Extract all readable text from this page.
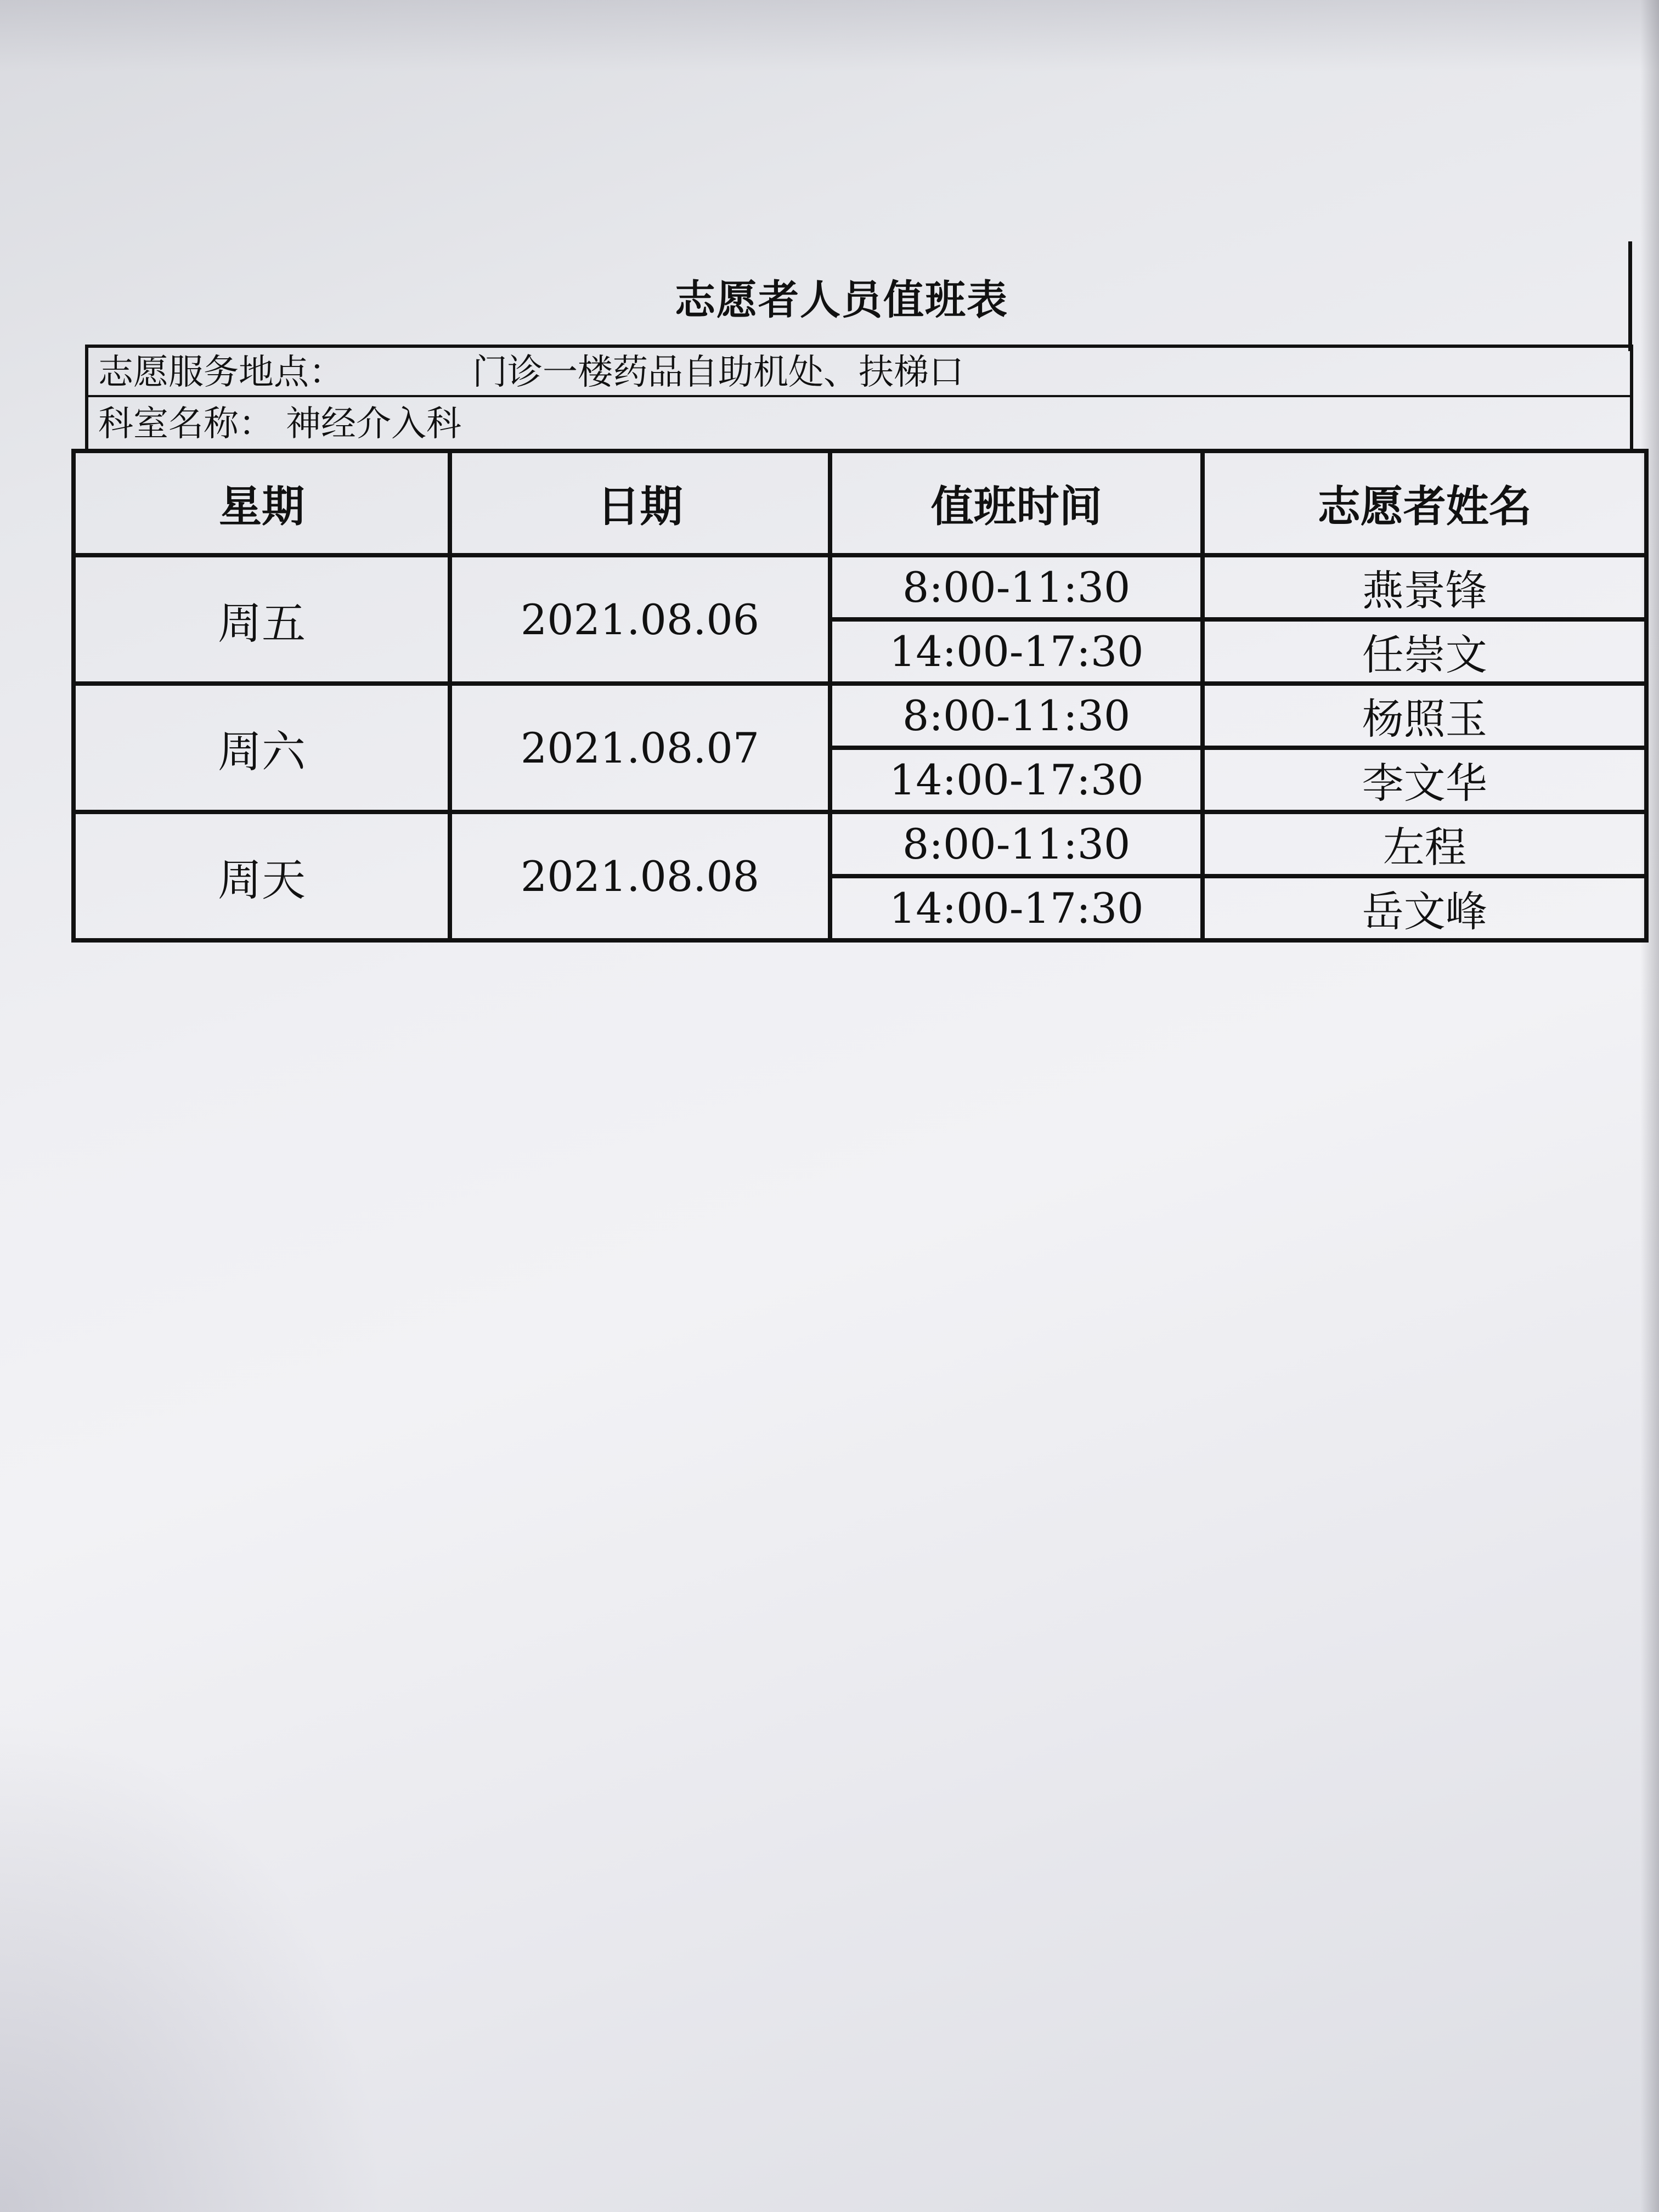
志愿者人员值班表
志愿服务地点：	门诊一楼药品自助机处、扶梯口
科室名称： 神经介入科
星期	日期	值班时间	志愿者姓名
周五	2021.08.06	8:00-11:30	燕景锋
		14:00-17:30	任崇文
周六	2021.08.07	8:00-11:30	杨照玉
		14:00-17:30	李文华
周天	2021.08.08	8:00-11:30	左程
		14:00-17:30	岳文峰
